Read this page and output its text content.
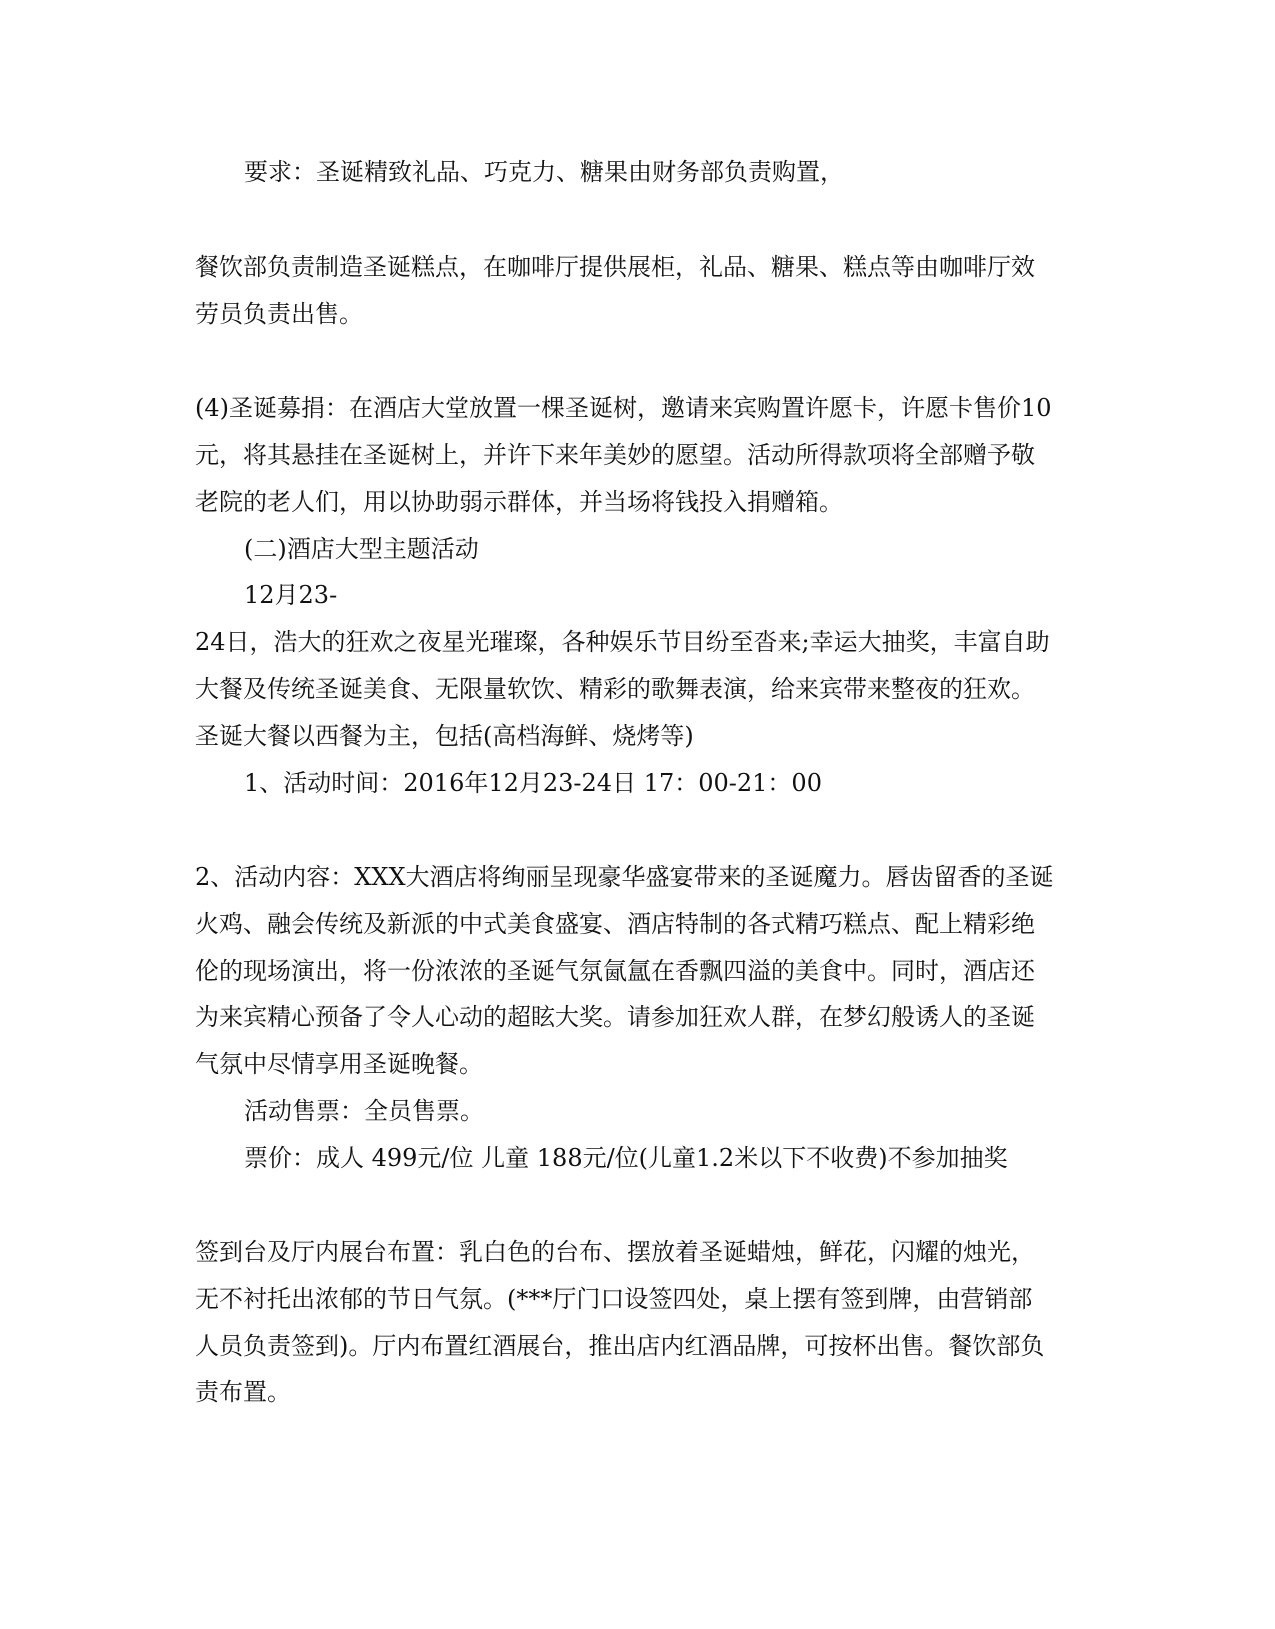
要求：圣诞精致礼品、巧克力、糖果由财务部负责购置，
餐饮部负责制造圣诞糕点，在咖啡厅提供展柜，礼品、糖果、糕点等由咖啡厅效
劳员负责出售。
(4)圣诞募捐：在酒店大堂放置一棵圣诞树，邀请来宾购置许愿卡，许愿卡售价10
元，将其悬挂在圣诞树上，并许下来年美妙的愿望。活动所得款项将全部赠予敬
老院的老人们，用以协助弱示群体，并当场将钱投入捐赠箱。
(二)酒店大型主题活动
12月23-
24日，浩大的狂欢之夜星光璀璨，各种娱乐节目纷至沓来;幸运大抽奖，丰富自助
大餐及传统圣诞美食、无限量软饮、精彩的歌舞表演，给来宾带来整夜的狂欢。
圣诞大餐以西餐为主，包括(高档海鲜、烧烤等)
1、活动时间：2016年12月23-24日 17：00-21：00
2、活动内容：XXX大酒店将绚丽呈现豪华盛宴带来的圣诞魔力。唇齿留香的圣诞
火鸡、融会传统及新派的中式美食盛宴、酒店特制的各式精巧糕点、配上精彩绝
伦的现场演出，将一份浓浓的圣诞气氛氤氲在香飘四溢的美食中。同时，酒店还
为来宾精心预备了令人心动的超眩大奖。请参加狂欢人群，在梦幻般诱人的圣诞
气氛中尽情享用圣诞晚餐。
活动售票：全员售票。
票价：成人 499元/位 儿童 188元/位(儿童1.2米以下不收费)不参加抽奖
签到台及厅内展台布置：乳白色的台布、摆放着圣诞蜡烛，鲜花，闪耀的烛光，
无不衬托出浓郁的节日气氛。(***厅门口设签四处，桌上摆有签到牌，由营销部
人员负责签到)。厅内布置红酒展台，推出店内红酒品牌，可按杯出售。餐饮部负
责布置。
